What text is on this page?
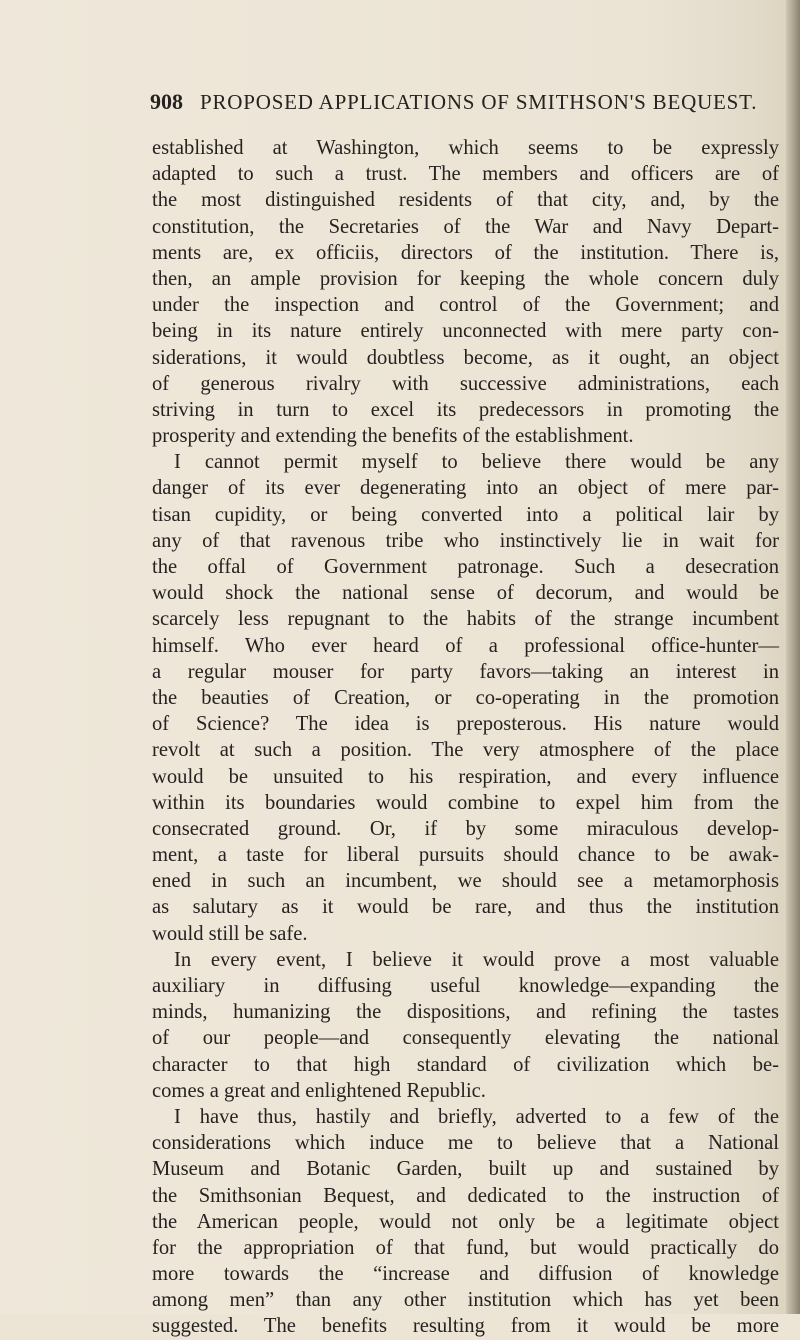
908 PROPOSED APPLICATIONS OF SMITHSON'S BEQUEST.
established at Washington, which seems to be expressly
adapted to such a trust. The members and officers are of
the most distinguished residents of that city, and, by the
constitution, the Secretaries of the War and Navy Depart-
ments are, ex officiis, directors of the institution. There is,
then, an ample provision for keeping the whole concern duly
under the inspection and control of the Government; and
being in its nature entirely unconnected with mere party con-
siderations, it would doubtless become, as it ought, an object
of generous rivalry with successive administrations, each
striving in turn to excel its predecessors in promoting the
prosperity and extending the benefits of the establishment.
I cannot permit myself to believe there would be any
danger of its ever degenerating into an object of mere par-
tisan cupidity, or being converted into a political lair by
any of that ravenous tribe who instinctively lie in wait for
the offal of Government patronage. Such a desecration
would shock the national sense of decorum, and would be
scarcely less repugnant to the habits of the strange incumbent
himself. Who ever heard of a professional office-hunter—
a regular mouser for party favors—taking an interest in
the beauties of Creation, or co-operating in the promotion
of Science? The idea is preposterous. His nature would
revolt at such a position. The very atmosphere of the place
would be unsuited to his respiration, and every influence
within its boundaries would combine to expel him from the
consecrated ground. Or, if by some miraculous develop-
ment, a taste for liberal pursuits should chance to be awak-
ened in such an incumbent, we should see a metamorphosis
as salutary as it would be rare, and thus the institution
would still be safe.
In every event, I believe it would prove a most valuable
auxiliary in diffusing useful knowledge—expanding the
minds, humanizing the dispositions, and refining the tastes
of our people—and consequently elevating the national
character to that high standard of civilization which be-
comes a great and enlightened Republic.
I have thus, hastily and briefly, adverted to a few of the
considerations which induce me to believe that a National
Museum and Botanic Garden, built up and sustained by
the Smithsonian Bequest, and dedicated to the instruction of
the American people, would not only be a legitimate object
for the appropriation of that fund, but would practically do
more towards the “increase and diffusion of knowledge
among men” than any other institution which has yet been
suggested. The benefits resulting from it would be more
